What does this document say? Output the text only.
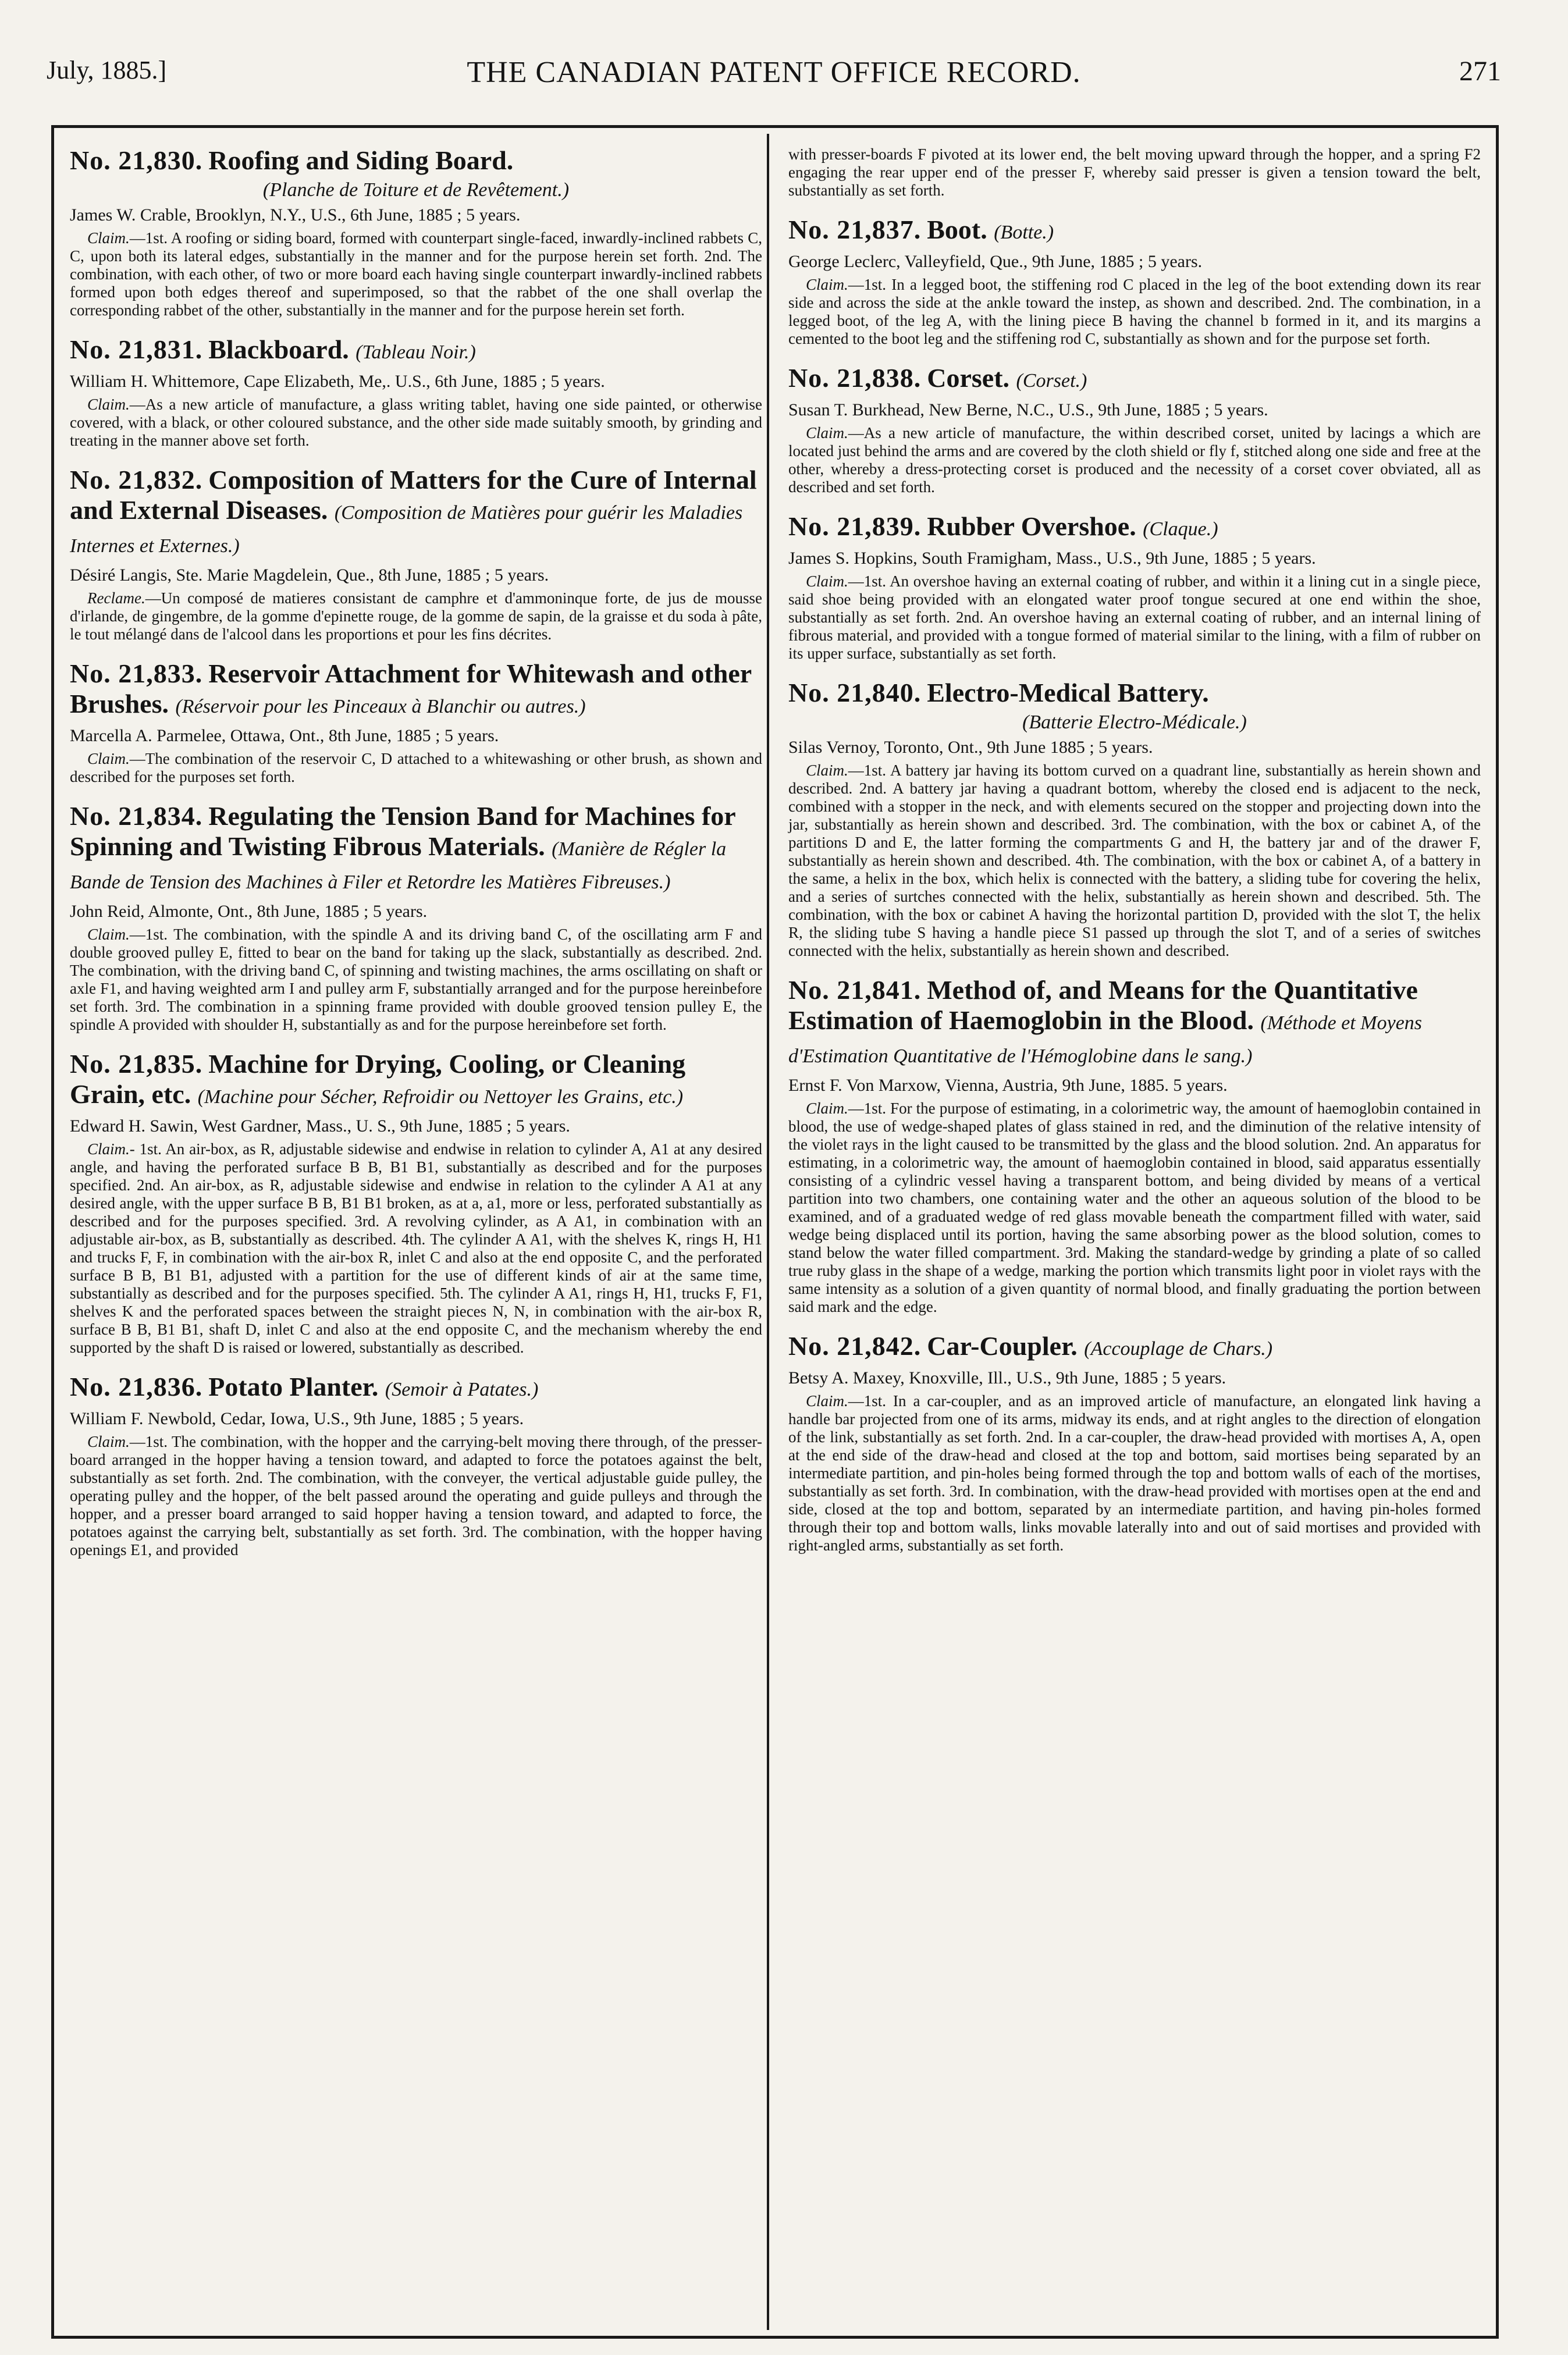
July, 1885.]	THE CANADIAN PATENT OFFICE RECORD.	271

No. 21,830. Roofing and Siding Board.

(Planche de Toiture et de Revêtement.)

James W. Crable, Brooklyn, N.Y., U.S., 6th June, 1885 ; 5 years.

Claim.—1st. A roofing or siding board, formed with counterpart single-faced, inwardly-inclined rabbets C, C, upon both its lateral edges, substantially in the manner and for the purpose herein set forth. 2nd. The combination, with each other, of two or more board each having single counterpart inwardly-inclined rabbets formed upon both edges thereof and superimposed, so that the rabbet of the one shall overlap the corresponding rabbet of the other, substantially in the manner and for the purpose herein set forth.

No. 21,831. Blackboard. (Tableau Noir.)

William H. Whittemore, Cape Elizabeth, Me,. U.S., 6th June, 1885 ; 5 years.

Claim.—As a new article of manufacture, a glass writing tablet, having one side painted, or otherwise covered, with a black, or other coloured substance, and the other side made suitably smooth, by grinding and treating in the manner above set forth.

No. 21,832. Composition of Matters for the Cure of Internal and External Diseases. (Composition de Matières pour guérir les Maladies Internes et Externes.)

Désiré Langis, Ste. Marie Magdelein, Que., 8th June, 1885 ; 5 years.

Reclame.—Un composé de matieres consistant de camphre et d'ammoninque forte, de jus de mousse d'irlande, de gingembre, de la gomme d'epinette rouge, de la gomme de sapin, de la graisse et du soda à pâte, le tout mélangé dans de l'alcool dans les proportions et pour les fins décrites.

No. 21,833. Reservoir Attachment for Whitewash and other Brushes. (Réservoir pour les Pinceaux à Blanchir ou autres.)

Marcella A. Parmelee, Ottawa, Ont., 8th June, 1885 ; 5 years.

Claim.—The combination of the reservoir C, D attached to a whitewashing or other brush, as shown and described for the purposes set forth.

No. 21,834. Regulating the Tension Band for Machines for Spinning and Twisting Fibrous Materials. (Manière de Régler la Bande de Tension des Machines à Filer et Retordre les Matières Fibreuses.)

John Reid, Almonte, Ont., 8th June, 1885 ; 5 years.

Claim.—1st. The combination, with the spindle A and its driving band C, of the oscillating arm F and double grooved pulley E, fitted to bear on the band for taking up the slack, substantially as described. 2nd. The combination, with the driving band C, of spinning and twisting machines, the arms oscillating on shaft or axle F1, and having weighted arm I and pulley arm F, substantially arranged and for the purpose hereinbefore set forth. 3rd. The combination in a spinning frame provided with double grooved tension pulley E, the spindle A provided with shoulder H, substantially as and for the purpose hereinbefore set forth.

No. 21,835. Machine for Drying, Cooling, or Cleaning Grain, etc. (Machine pour Sécher, Refroidir ou Nettoyer les Grains, etc.)

Edward H. Sawin, West Gardner, Mass., U. S., 9th June, 1885 ; 5 years.

Claim.- 1st. An air-box, as R, adjustable sidewise and endwise in relation to cylinder A, A1 at any desired angle, and having the perforated surface B B, B1 B1, substantially as described and for the purposes specified. 2nd. An air-box, as R, adjustable sidewise and endwise in relation to the cylinder A A1 at any desired angle, with the upper surface B B, B1 B1 broken, as at a, a1, more or less, perforated substantially as described and for the purposes specified. 3rd. A revolving cylinder, as A A1, in combination with an adjustable air-box, as B, substantially as described. 4th. The cylinder A A1, with the shelves K, rings H, H1 and trucks F, F, in combination with the air-box R, inlet C and also at the end opposite C, and the perforated surface B B, B1 B1, adjusted with a partition for the use of different kinds of air at the same time, substantially as described and for the purposes specified. 5th. The cylinder A A1, rings H, H1, trucks F, F1, shelves K and the perforated spaces between the straight pieces N, N, in combination with the air-box R, surface B B, B1 B1, shaft D, inlet C and also at the end opposite C, and the mechanism whereby the end supported by the shaft D is raised or lowered, substantially as described.

No. 21,836. Potato Planter. (Semoir à Patates.)

William F. Newbold, Cedar, Iowa, U.S., 9th June, 1885 ; 5 years.

Claim.—1st. The combination, with the hopper and the carrying-belt moving there through, of the presser-board arranged in the hopper having a tension toward, and adapted to force the potatoes against the belt, substantially as set forth. 2nd. The combination, with the conveyer, the vertical adjustable guide pulley, the operating pulley and the hopper, of the belt passed around the operating and guide pulleys and through the hopper, and a presser board arranged to said hopper having a tension toward, and adapted to force, the potatoes against the carrying belt, substantially as set forth. 3rd. The combination, with the hopper having openings E1, and provided

with presser-boards F pivoted at its lower end, the belt moving upward through the hopper, and a spring F2 engaging the rear upper end of the presser F, whereby said presser is given a tension toward the belt, substantially as set forth.

No. 21,837. Boot. (Botte.)

George Leclerc, Valleyfield, Que., 9th June, 1885 ; 5 years.

Claim.—1st. In a legged boot, the stiffening rod C placed in the leg of the boot extending down its rear side and across the side at the ankle toward the instep, as shown and described. 2nd. The combination, in a legged boot, of the leg A, with the lining piece B having the channel b formed in it, and its margins a cemented to the boot leg and the stiffening rod C, substantially as shown and for the purpose set forth.

No. 21,838. Corset. (Corset.)

Susan T. Burkhead, New Berne, N.C., U.S., 9th June, 1885 ; 5 years.

Claim.—As a new article of manufacture, the within described corset, united by lacings a which are located just behind the arms and are covered by the cloth shield or fly f, stitched along one side and free at the other, whereby a dress-protecting corset is produced and the necessity of a corset cover obviated, all as described and set forth.

No. 21,839. Rubber Overshoe. (Claque.)

James S. Hopkins, South Framigham, Mass., U.S., 9th June, 1885 ; 5 years.

Claim.—1st. An overshoe having an external coating of rubber, and within it a lining cut in a single piece, said shoe being provided with an elongated water proof tongue secured at one end within the shoe, substantially as set forth. 2nd. An overshoe having an external coating of rubber, and an internal lining of fibrous material, and provided with a tongue formed of material similar to the lining, with a film of rubber on its upper surface, substantially as set forth.

No. 21,840. Electro-Medical Battery.

(Batterie Electro-Médicale.)

Silas Vernoy, Toronto, Ont., 9th June 1885 ; 5 years.

Claim.—1st. A battery jar having its bottom curved on a quadrant line, substantially as herein shown and described. 2nd. A battery jar having a quadrant bottom, whereby the closed end is adjacent to the neck, combined with a stopper in the neck, and with elements secured on the stopper and projecting down into the jar, substantially as herein shown and described. 3rd. The combination, with the box or cabinet A, of the partitions D and E, the latter forming the compartments G and H, the battery jar and of the drawer F, substantially as herein shown and described. 4th. The combination, with the box or cabinet A, of a battery in the same, a helix in the box, which helix is connected with the battery, a sliding tube for covering the helix, and a series of surtches connected with the helix, substantially as herein shown and described. 5th. The combination, with the box or cabinet A having the horizontal partition D, provided with the slot T, the helix R, the sliding tube S having a handle piece S1 passed up through the slot T, and of a series of switches connected with the helix, substantially as herein shown and described.

No. 21,841. Method of, and Means for the Quantitative Estimation of Haemoglobin in the Blood. (Méthode et Moyens d'Estimation Quantitative de l'Hémoglobine dans le sang.)

Ernst F. Von Marxow, Vienna, Austria, 9th June, 1885. 5 years.

Claim.—1st. For the purpose of estimating, in a colorimetric way, the amount of haemoglobin contained in blood, the use of wedge-shaped plates of glass stained in red, and the diminution of the relative intensity of the violet rays in the light caused to be transmitted by the glass and the blood solution. 2nd. An apparatus for estimating, in a colorimetric way, the amount of haemoglobin contained in blood, said apparatus essentially consisting of a cylindric vessel having a transparent bottom, and being divided by means of a vertical partition into two chambers, one containing water and the other an aqueous solution of the blood to be examined, and of a graduated wedge of red glass movable beneath the compartment filled with water, said wedge being displaced until its portion, having the same absorbing power as the blood solution, comes to stand below the water filled compartment. 3rd. Making the standard-wedge by grinding a plate of so called true ruby glass in the shape of a wedge, marking the portion which transmits light poor in violet rays with the same intensity as a solution of a given quantity of normal blood, and finally graduating the portion between said mark and the edge.

No. 21,842. Car-Coupler. (Accouplage de Chars.)

Betsy A. Maxey, Knoxville, Ill., U.S., 9th June, 1885 ; 5 years.

Claim.—1st. In a car-coupler, and as an improved article of manufacture, an elongated link having a handle bar projected from one of its arms, midway its ends, and at right angles to the direction of elongation of the link, substantially as set forth. 2nd. In a car-coupler, the draw-head provided with mortises A, A, open at the end side of the draw-head and closed at the top and bottom, said mortises being separated by an intermediate partition, and pin-holes being formed through the top and bottom walls of each of the mortises, substantially as set forth. 3rd. In combination, with the draw-head provided with mortises open at the end and side, closed at the top and bottom, separated by an intermediate partition, and having pin-holes formed through their top and bottom walls, links movable laterally into and out of said mortises and provided with right-angled arms, substantially as set forth.
